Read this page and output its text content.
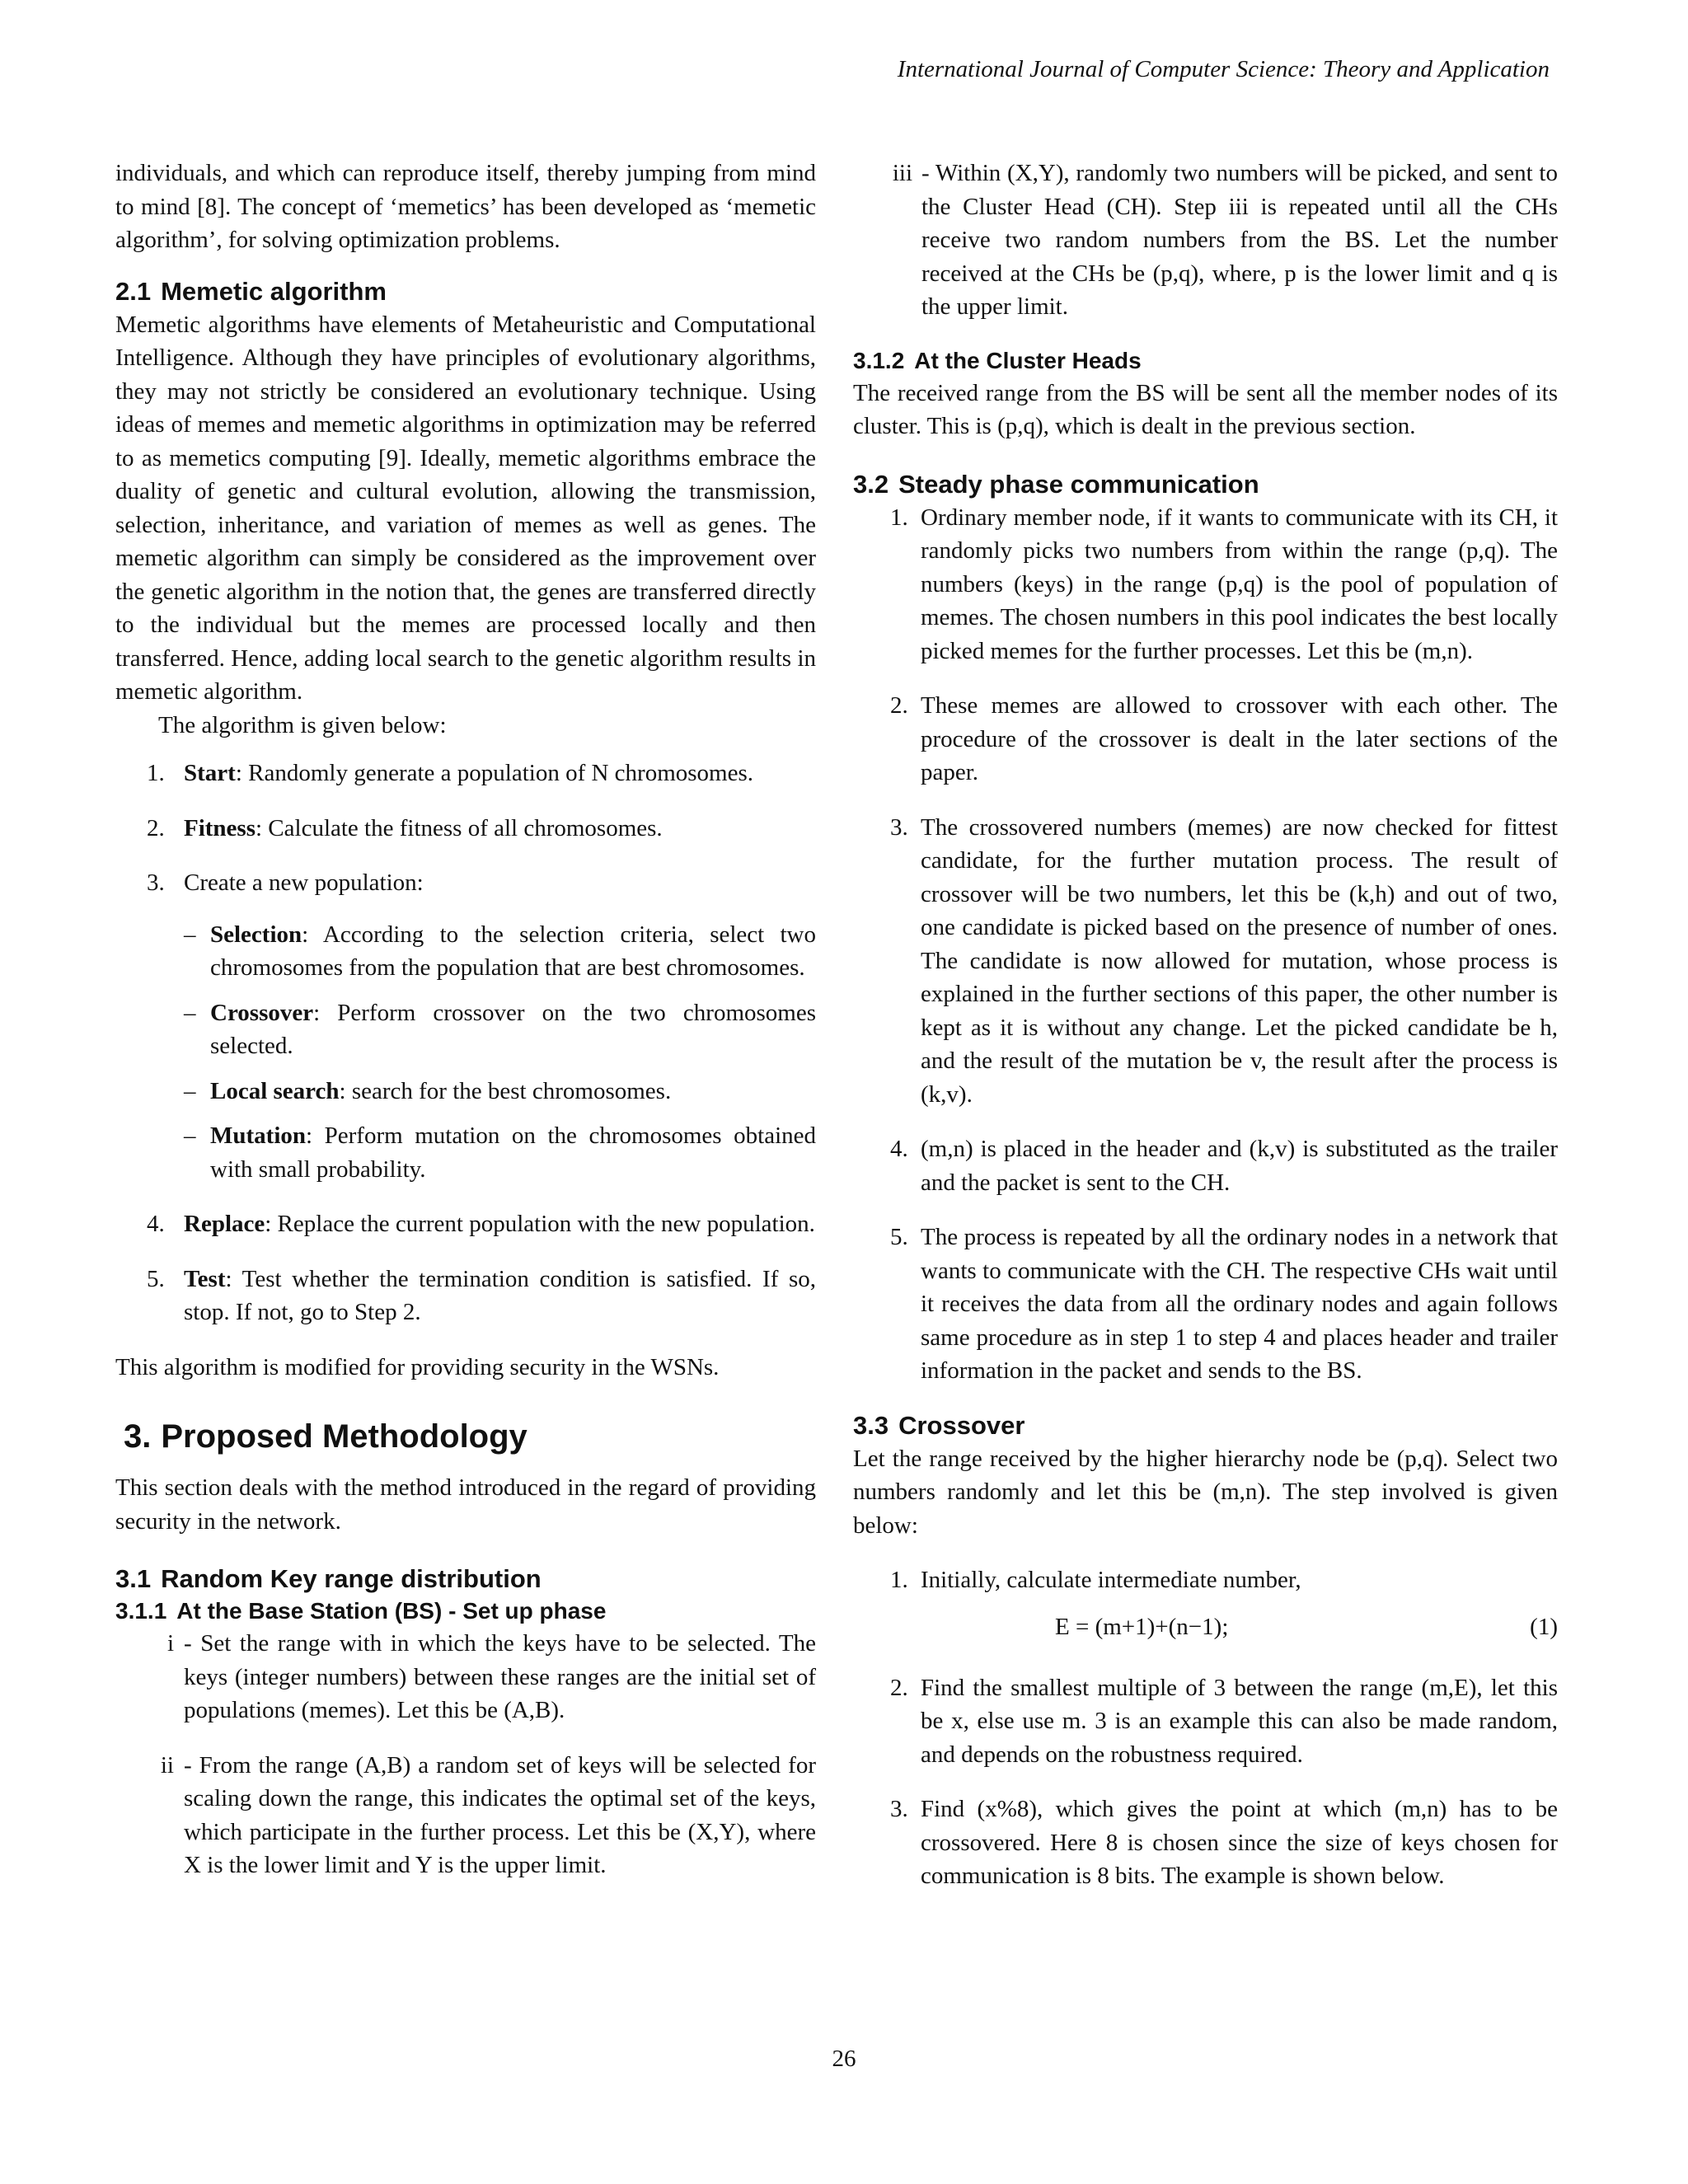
International Journal of Computer Science: Theory and Application

individuals, and which can reproduce itself, thereby jumping from mind to mind [8]. The concept of ‘memetics’ has been developed as ‘memetic algorithm’, for solving optimization problems.

2.1 Memetic algorithm

Memetic algorithms have elements of Metaheuristic and Computational Intelligence. Although they have principles of evolutionary algorithms, they may not strictly be considered an evolutionary technique. Using ideas of memes and memetic algorithms in optimization may be referred to as memetics computing [9]. Ideally, memetic algorithms embrace the duality of genetic and cultural evolution, allowing the transmission, selection, inheritance, and variation of memes as well as genes. The memetic algorithm can simply be considered as the improvement over the genetic algorithm in the notion that, the genes are transferred directly to the individual but the memes are processed locally and then transferred. Hence, adding local search to the genetic algorithm results in memetic algorithm.

The algorithm is given below:

1. Start: Randomly generate a population of N chromosomes.
2. Fitness: Calculate the fitness of all chromosomes.
3. Create a new population:
– Selection: According to the selection criteria, select two chromosomes from the population that are best chromosomes.
– Crossover: Perform crossover on the two chromosomes selected.
– Local search: search for the best chromosomes.
– Mutation: Perform mutation on the chromosomes obtained with small probability.
4. Replace: Replace the current population with the new population.
5. Test: Test whether the termination condition is satisfied. If so, stop. If not, go to Step 2.

This algorithm is modified for providing security in the WSNs.

3. Proposed Methodology

This section deals with the method introduced in the regard of providing security in the network.

3.1 Random Key range distribution
3.1.1 At the Base Station (BS) - Set up phase
i - Set the range with in which the keys have to be selected. The keys (integer numbers) between these ranges are the initial set of populations (memes). Let this be (A,B).
ii - From the range (A,B) a random set of keys will be selected for scaling down the range, this indicates the optimal set of the keys, which participate in the further process. Let this be (X,Y), where X is the lower limit and Y is the upper limit.
iii - Within (X,Y), randomly two numbers will be picked, and sent to the Cluster Head (CH). Step iii is repeated until all the CHs receive two random numbers from the BS. Let the number received at the CHs be (p,q), where, p is the lower limit and q is the upper limit.
3.1.2 At the Cluster Heads

The received range from the BS will be sent all the member nodes of its cluster. This is (p,q), which is dealt in the previous section.

3.2 Steady phase communication
1. Ordinary member node, if it wants to communicate with its CH, it randomly picks two numbers from within the range (p,q). The numbers (keys) in the range (p,q) is the pool of population of memes. The chosen numbers in this pool indicates the best locally picked memes for the further processes. Let this be (m,n).
2. These memes are allowed to crossover with each other. The procedure of the crossover is dealt in the later sections of the paper.
3. The crossovered numbers (memes) are now checked for fittest candidate, for the further mutation process. The result of crossover will be two numbers, let this be (k,h) and out of two, one candidate is picked based on the presence of number of ones. The candidate is now allowed for mutation, whose process is explained in the further sections of this paper, the other number is kept as it is without any change. Let the picked candidate be h, and the result of the mutation be v, the result after the process is (k,v).
4. (m,n) is placed in the header and (k,v) is substituted as the trailer and the packet is sent to the CH.
5. The process is repeated by all the ordinary nodes in a network that wants to communicate with the CH. The respective CHs wait until it receives the data from all the ordinary nodes and again follows same procedure as in step 1 to step 4 and places header and trailer information in the packet and sends to the BS.
3.3 Crossover

Let the range received by the higher hierarchy node be (p,q). Select two numbers randomly and let this be (m,n). The step involved is given below:

1. Initially, calculate intermediate number,
E = (m+1)+(n−1);	(1)
2. Find the smallest multiple of 3 between the range (m,E), let this be x, else use m. 3 is an example this can also be made random, and depends on the robustness required.
3. Find (x%8), which gives the point at which (m,n) has to be crossovered. Here 8 is chosen since the size of keys chosen for communication is 8 bits. The example is shown below.
26
